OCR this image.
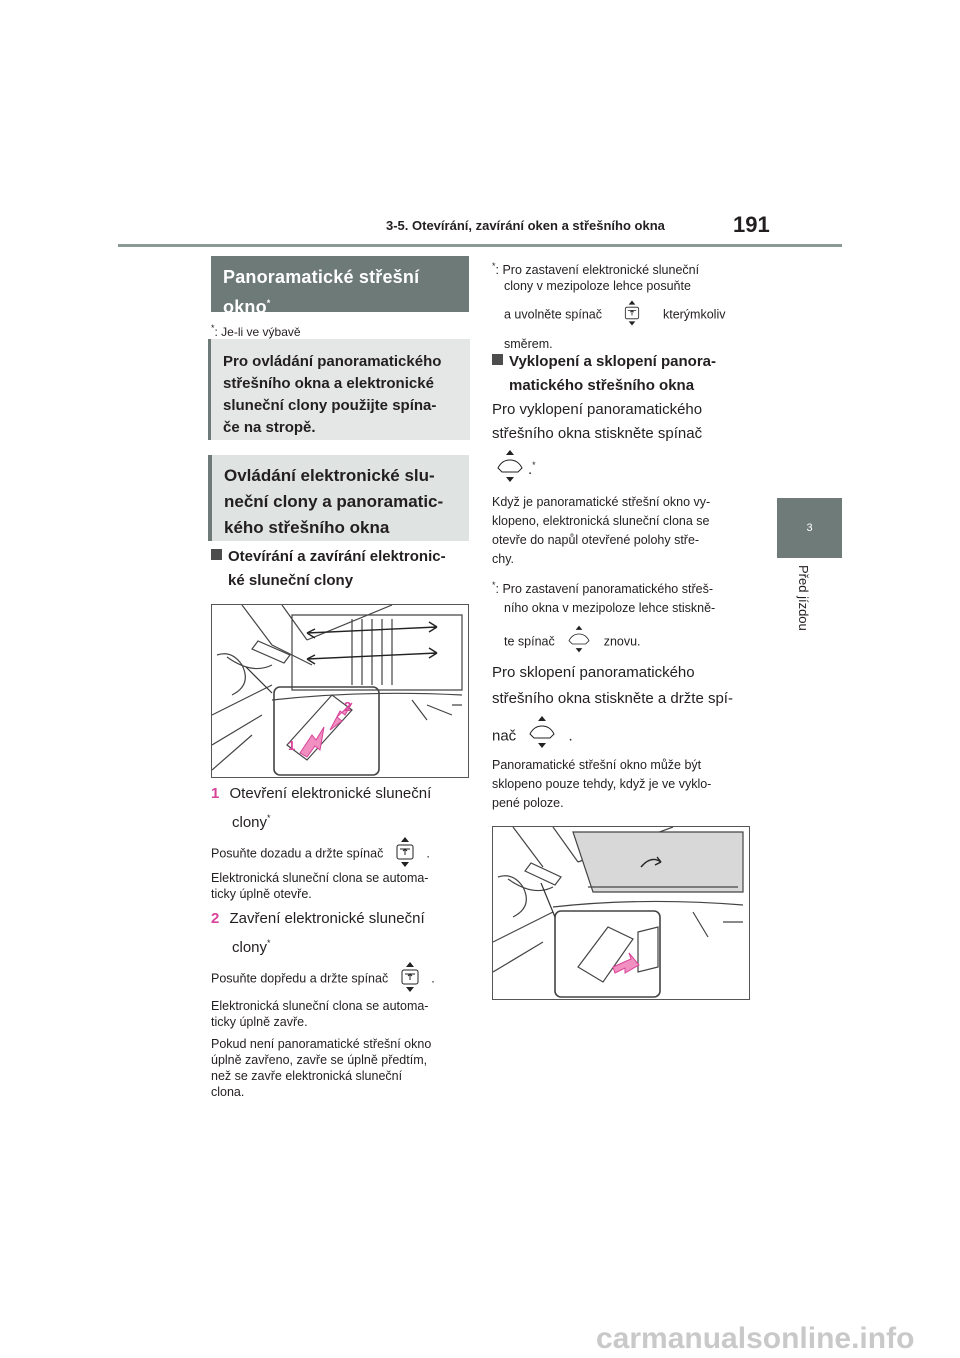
3-5. Otevírání, zavírání oken a střešního okna	191
3
Před jízdou
Panoramatické střešní
okno*
*: Je-li ve výbavě
Pro ovládání panoramatického
střešního okna a elektronické
sluneční clony použijte spína-
če na stropě.
Ovládání elektronické slu-
neční clony a panoramatic-
kého střešního okna
Otevírání a zavírání elektronic-
ké sluneční clony
2
1
1 Otevření elektronické sluneční
clony*
Posuňte dozadu a držte spínač	.
Elektronická sluneční clona se automa-
ticky úplně otevře.
2 Zavření elektronické sluneční
clony*
Posuňte dopředu a držte spínač	.
Elektronická sluneční clona se automa-
ticky úplně zavře.
Pokud není panoramatické střešní okno
úplně zavřeno, zavře se úplně předtím,
než se zavře elektronická sluneční
clona.
*: Pro zastavení elektronické sluneční
clony v mezipoloze lehce posuňte
a uvolněte spínač	kterýmkoliv
směrem.
Vyklopení a sklopení panora-
matického střešního okna
Pro vyklopení panoramatického
střešního okna stiskněte spínač
.*
Když je panoramatické střešní okno vy-
klopeno, elektronická sluneční clona se
otevře do napůl otevřené polohy stře-
chy.
*: Pro zastavení panoramatického střeš-
ního okna v mezipoloze lehce stiskně-
te spínač	znovu.
Pro sklopení panoramatického
střešního okna stiskněte a držte spí-
nač	.
Panoramatické střešní okno může být
sklopeno pouze tehdy, když je ve vyklo-
pené poloze.
carmanualsonline.info
